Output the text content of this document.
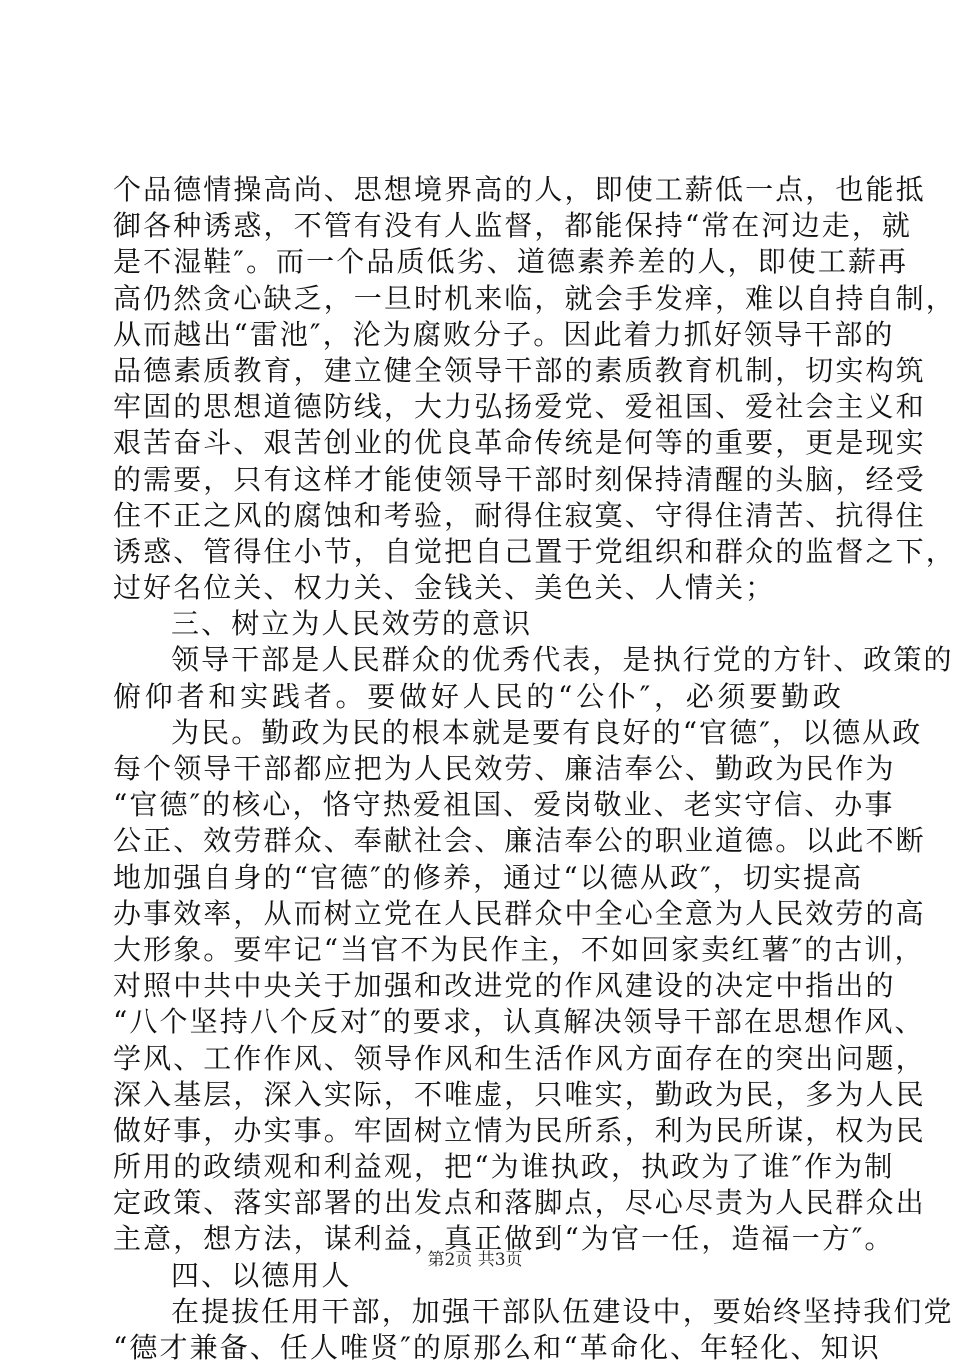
个品德情操高尚、思想境界高的人，即使工薪低一点，也能抵
御各种诱惑，不管有没有人监督，都能保持“常在河边走，就
是不湿鞋″。而一个品质低劣、道德素养差的人，即使工薪再
高仍然贪心缺乏，一旦时机来临，就会手发痒，难以自持自制，
从而越出“雷池″，沦为腐败分子。因此着力抓好领导干部的
品德素质教育，建立健全领导干部的素质教育机制，切实构筑
牢固的思想道德防线，大力弘扬爱党、爱祖国、爱社会主义和
艰苦奋斗、艰苦创业的优良革命传统是何等的重要，更是现实
的需要，只有这样才能使领导干部时刻保持清醒的头脑，经受
住不正之风的腐蚀和考验，耐得住寂寞、守得住清苦、抗得住
诱惑、管得住小节，自觉把自己置于党组织和群众的监督之下，
过好名位关、权力关、金钱关、美色关、人情关；
三、树立为人民效劳的意识
领导干部是人民群众的优秀代表，是执行党的方针、政策的
俯仰者和实践者。要做好人民的“公仆″，必须要勤政
为民。勤政为民的根本就是要有良好的“官德″，以德从政
每个领导干部都应把为人民效劳、廉洁奉公、勤政为民作为
“官德″的核心，恪守热爱祖国、爱岗敬业、老实守信、办事
公正、效劳群众、奉献社会、廉洁奉公的职业道德。以此不断
地加强自身的“官德″的修养，通过“以德从政″，切实提高
办事效率，从而树立党在人民群众中全心全意为人民效劳的高
大形象。要牢记“当官不为民作主，不如回家卖红薯″的古训，
对照中共中央关于加强和改进党的作风建设的决定中指出的
“八个坚持八个反对″的要求，认真解决领导干部在思想作风、
学风、工作作风、领导作风和生活作风方面存在的突出问题，
深入基层，深入实际，不唯虚，只唯实，勤政为民，多为人民
做好事，办实事。牢固树立情为民所系，利为民所谋，权为民
所用的政绩观和利益观，把“为谁执政，执政为了谁″作为制
定政策、落实部署的出发点和落脚点，尽心尽责为人民群众出
主意，想方法，谋利益，真正做到“为官一任，造福一方″。
四、以德用人
在提拔任用干部，加强干部队伍建设中，要始终坚持我们党
“德才兼备、任人唯贤″的原那么和“革命化、年轻化、知识
第2页 共3页
